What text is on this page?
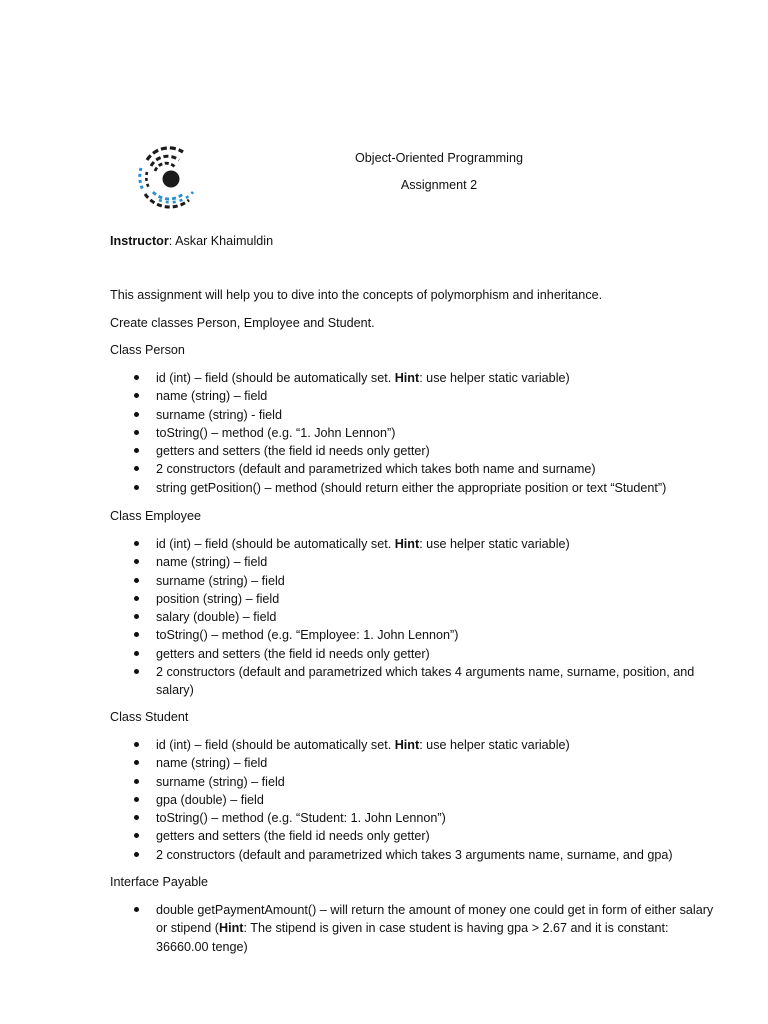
Object-Oriented Programming
Assignment 2
Instructor: Askar Khaimuldin
This assignment will help you to dive into the concepts of polymorphism and inheritance.
Create classes Person, Employee and Student.
Class Person
id (int) – field (should be automatically set. Hint: use helper static variable)
name (string) – field
surname (string) - field
toString() – method (e.g. “1. John Lennon”)
getters and setters (the field id needs only getter)
2 constructors (default and parametrized which takes both name and surname)
string getPosition() – method (should return either the appropriate position or text “Student”)
Class Employee
id (int) – field (should be automatically set. Hint: use helper static variable)
name (string) – field
surname (string) – field
position (string) – field
salary (double) – field
toString() – method (e.g. “Employee: 1. John Lennon”)
getters and setters (the field id needs only getter)
2 constructors (default and parametrized which takes 4 arguments name, surname, position, and salary)
Class Student
id (int) – field (should be automatically set. Hint: use helper static variable)
name (string) – field
surname (string) – field
gpa (double) – field
toString() – method (e.g. “Student: 1. John Lennon”)
getters and setters (the field id needs only getter)
2 constructors (default and parametrized which takes 3 arguments name, surname, and gpa)
Interface Payable
double getPaymentAmount() – will return the amount of money one could get in form of either salary or stipend (Hint: The stipend is given in case student is having gpa > 2.67 and it is constant: 36660.00 tenge)
